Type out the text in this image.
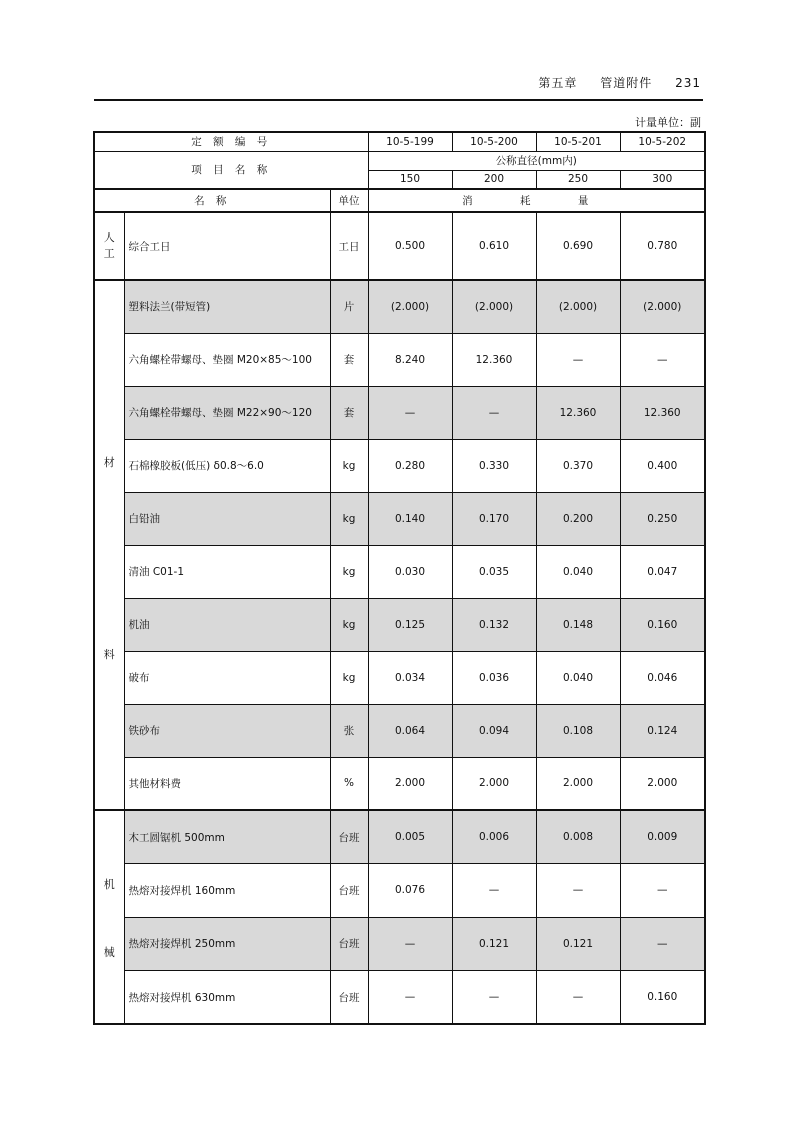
第五章 管道附件 231
计量单位：副
定 额 编 号			10-5-199	10-5-200	10-5-201	10-5-202
项 目 名 称			公称直径(mm内)			
			150	200	250	300
名 称		单位	消 耗 量			
人
工	综合工日	工日	0.500	0.610	0.690	0.780

材
料	塑料法兰(带短管)	片	(2.000)	(2.000)	(2.000)	(2.000)
	六角螺栓带螺母、垫圈 M20×85～100	套	8.240	12.360	—	—
	六角螺栓带螺母、垫圈 M22×90～120	套	—	—	12.360	12.360
	石棉橡胶板(低压) δ0.8～6.0	kg	0.280	0.330	0.370	0.400
	白铅油	kg	0.140	0.170	0.200	0.250
	清油 C01-1	kg	0.030	0.035	0.040	0.047
	机油	kg	0.125	0.132	0.148	0.160
	破布	kg	0.034	0.036	0.040	0.046
	铁砂布	张	0.064	0.094	0.108	0.124
	其他材料费	%	2.000	2.000	2.000	2.000

机
械	木工圆锯机 500mm	台班	0.005	0.006	0.008	0.009
	热熔对接焊机 160mm	台班	0.076	—	—	—
	热熔对接焊机 250mm	台班	—	0.121	0.121	—
	热熔对接焊机 630mm	台班	—	—	—	0.160
